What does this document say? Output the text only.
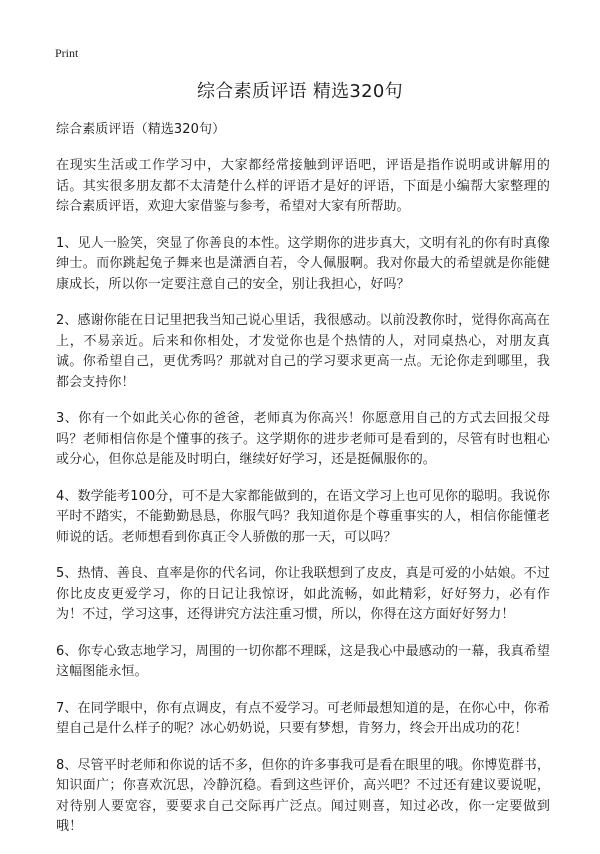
Print
综合素质评语 精选320句

综合素质评语（精选320句）

在现实生活或工作学习中，大家都经常接触到评语吧，评语是指作说明或讲解用的话。其实很多朋友都不太清楚什么样的评语才是好的评语，下面是小编帮大家整理的综合素质评语，欢迎大家借鉴与参考，希望对大家有所帮助。

1、见人一脸笑，突显了你善良的本性。这学期你的进步真大，文明有礼的你有时真像绅士。而你跳起兔子舞来也是潇洒自若，令人佩服啊。我对你最大的希望就是你能健康成长，所以你一定要注意自己的安全，别让我担心，好吗？

2、感谢你能在日记里把我当知己说心里话，我很感动。以前没教你时，觉得你高高在上，不易亲近。后来和你相处，才发觉你也是个热情的人，对同桌热心，对朋友真诚。你希望自己，更优秀吗？那就对自己的学习要求更高一点。无论你走到哪里，我都会支持你！

3、你有一个如此关心你的爸爸，老师真为你高兴！你愿意用自己的方式去回报父母吗？老师相信你是个懂事的孩子。这学期你的进步老师可是看到的，尽管有时也粗心或分心，但你总是能及时明白，继续好好学习，还是挺佩服你的。

4、数学能考100分，可不是大家都能做到的，在语文学习上也可见你的聪明。我说你平时不踏实，不能勤勤恳恳，你服气吗？我知道你是个尊重事实的人，相信你能懂老师说的话。老师想看到你真正令人骄傲的那一天，可以吗？

5、热情、善良、直率是你的代名词，你让我联想到了皮皮，真是可爱的小姑娘。不过你比皮皮更爱学习，你的日记让我惊讶，如此流畅，如此精彩，好好努力，必有作为！不过，学习这事，还得讲究方法注重习惯，所以，你得在这方面好好努力！

6、你专心致志地学习，周围的一切你都不理睬，这是我心中最感动的一幕，我真希望这幅图能永恒。

7、在同学眼中，你有点调皮，有点不爱学习。可老师最想知道的是，在你心中，你希望自己是什么样子的呢？冰心奶奶说，只要有梦想，肯努力，终会开出成功的花！

8、尽管平时老师和你说的话不多，但你的许多事我可是看在眼里的哦。你博览群书，知识面广；你喜欢沉思，冷静沉稳。看到这些评价，高兴吧？不过还有建议要说呢，对待别人要宽容，要要求自己交际再广泛点。闻过则喜，知过必改，你一定要做到哦！
